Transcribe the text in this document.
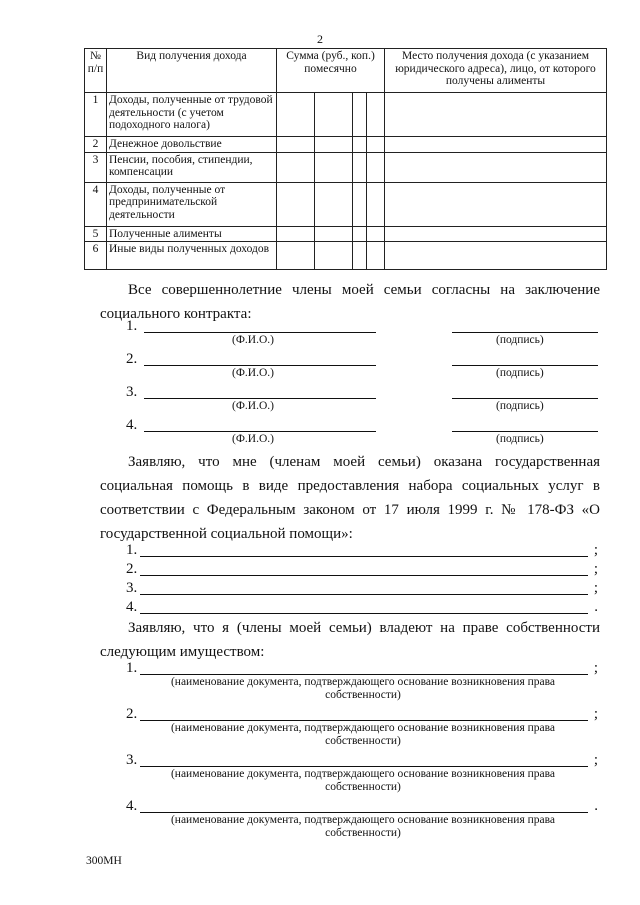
2
№ п/п	Вид получения дохода	Сумма (руб., коп.) помесячно				Место получения дохода (с указанием юридического адреса), лицо, от которого получены алименты
1	Доходы, полученные от трудовой деятельности (с учетом подоходного налога)					
2	Денежное довольствие					
3	Пенсии, пособия, стипендии, компенсации					
4	Доходы, полученные от предпринимательской деятельности					
5	Полученные алименты					
6	Иные виды полученных доходов					
Все совершеннолетние члены моей семьи согласны на заключение социального контракта:
1.
(Ф.И.О.)	(подпись)
2.
(Ф.И.О.)	(подпись)
3.
(Ф.И.О.)	(подпись)
4.
(Ф.И.О.)	(подпись)
Заявляю, что мне (членам моей семьи) оказана государственная социальная помощь в виде предоставления набора социальных услуг в соответствии с Федеральным законом от 17 июля 1999 г. № 178-ФЗ «О государственной социальной помощи»:
1.	;
2.	;
3.	;
4.	.
Заявляю, что я (члены моей семьи) владеют на праве собственности следующим имуществом:
1.	;
(наименование документа, подтверждающего основание возникновения права собственности)
2.	;
(наименование документа, подтверждающего основание возникновения права собственности)
3.	;
(наименование документа, подтверждающего основание возникновения права собственности)
4.	.
(наименование документа, подтверждающего основание возникновения права собственности)
300МН
